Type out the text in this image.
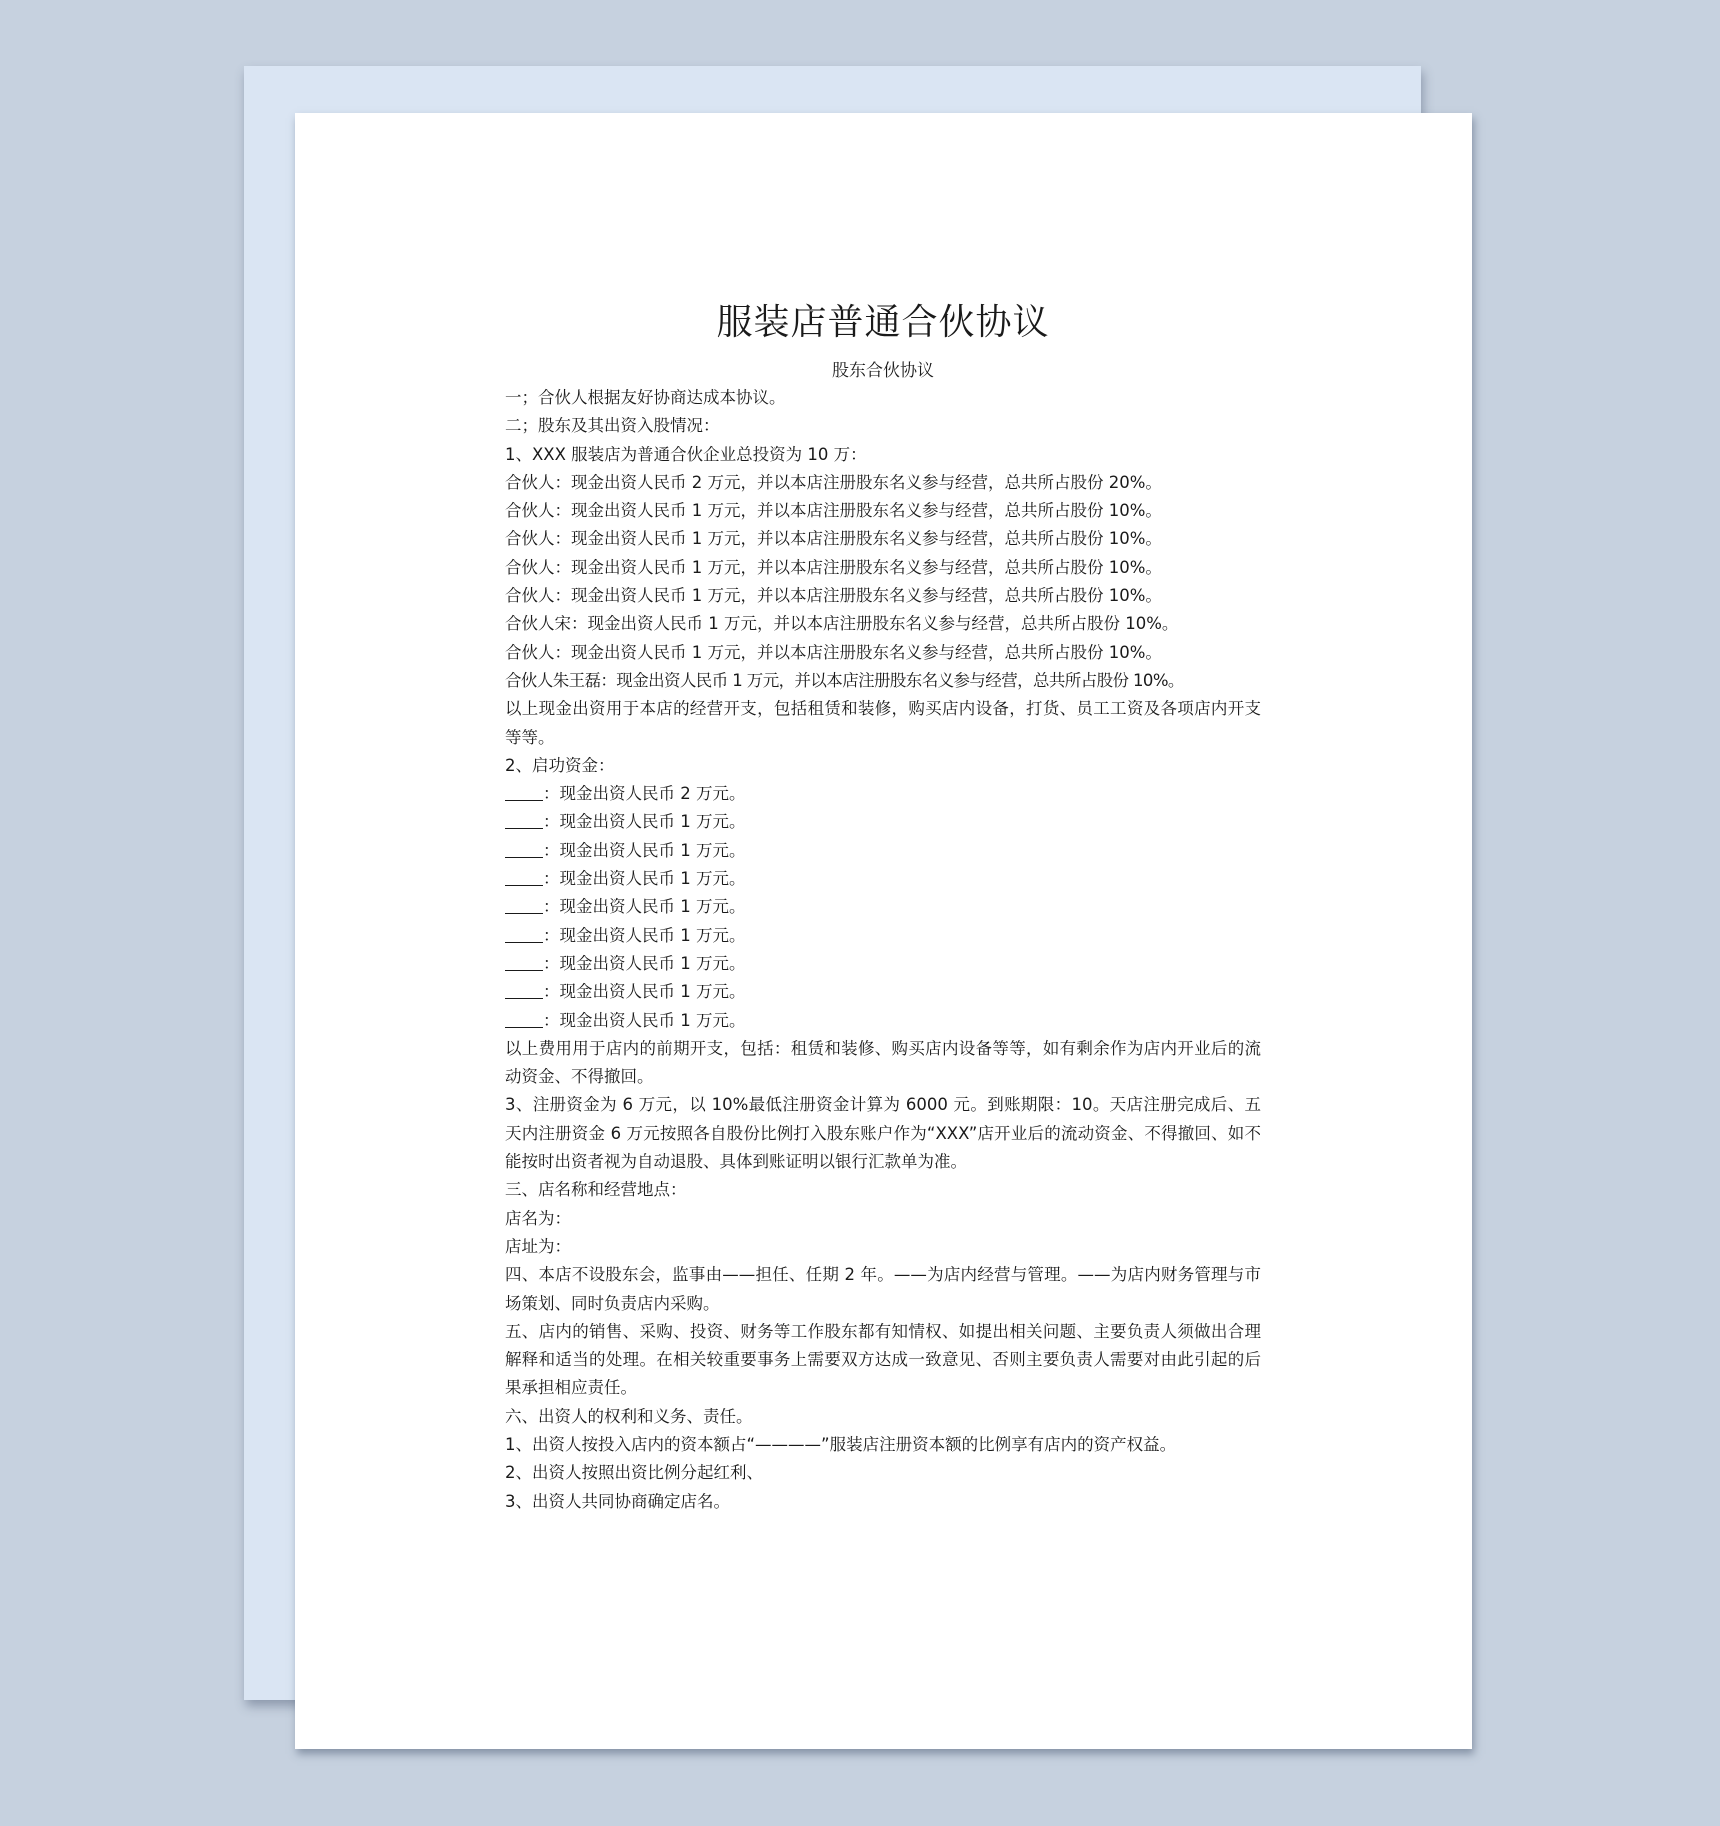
服装店普通合伙协议
股东合伙协议
一；合伙人根据友好协商达成本协议。
二；股东及其出资入股情况：
1、XXX 服装店为普通合伙企业总投资为 10 万：
合伙人：现金出资人民币 2 万元，并以本店注册股东名义参与经营，总共所占股份 20%。
合伙人：现金出资人民币 1 万元，并以本店注册股东名义参与经营，总共所占股份 10%。
合伙人：现金出资人民币 1 万元，并以本店注册股东名义参与经营，总共所占股份 10%。
合伙人：现金出资人民币 1 万元，并以本店注册股东名义参与经营，总共所占股份 10%。
合伙人：现金出资人民币 1 万元，并以本店注册股东名义参与经营，总共所占股份 10%。
合伙人宋：现金出资人民币 1 万元，并以本店注册股东名义参与经营，总共所占股份 10%。
合伙人：现金出资人民币 1 万元，并以本店注册股东名义参与经营，总共所占股份 10%。
合伙人朱王磊：现金出资人民币 1 万元，并以本店注册股东名义参与经营，总共所占股份 10%。
以上现金出资用于本店的经营开支，包括租赁和装修，购买店内设备，打货、员工工资及各项店内开支等等。
2、启功资金：
：现金出资人民币 2 万元。
：现金出资人民币 1 万元。
：现金出资人民币 1 万元。
：现金出资人民币 1 万元。
：现金出资人民币 1 万元。
：现金出资人民币 1 万元。
：现金出资人民币 1 万元。
：现金出资人民币 1 万元。
：现金出资人民币 1 万元。
以上费用用于店内的前期开支，包括：租赁和装修、购买店内设备等等，如有剩余作为店内开业后的流动资金、不得撤回。
3、注册资金为 6 万元，以 10%最低注册资金计算为 6000 元。到账期限：10。天店注册完成后、五天内注册资金 6 万元按照各自股份比例打入股东账户作为“XXX”店开业后的流动资金、不得撤回、如不能按时出资者视为自动退股、具体到账证明以银行汇款单为准。
三、店名称和经营地点：
店名为：
店址为：
四、本店不设股东会，监事由——担任、任期 2 年。——为店内经营与管理。——为店内财务管理与市场策划、同时负责店内采购。
五、店内的销售、采购、投资、财务等工作股东都有知情权、如提出相关问题、主要负责人须做出合理解释和适当的处理。在相关较重要事务上需要双方达成一致意见、否则主要负责人需要对由此引起的后果承担相应责任。
六、出资人的权利和义务、责任。
1、出资人按投入店内的资本额占“————”服装店注册资本额的比例享有店内的资产权益。
2、出资人按照出资比例分起红利、
3、出资人共同协商确定店名。
